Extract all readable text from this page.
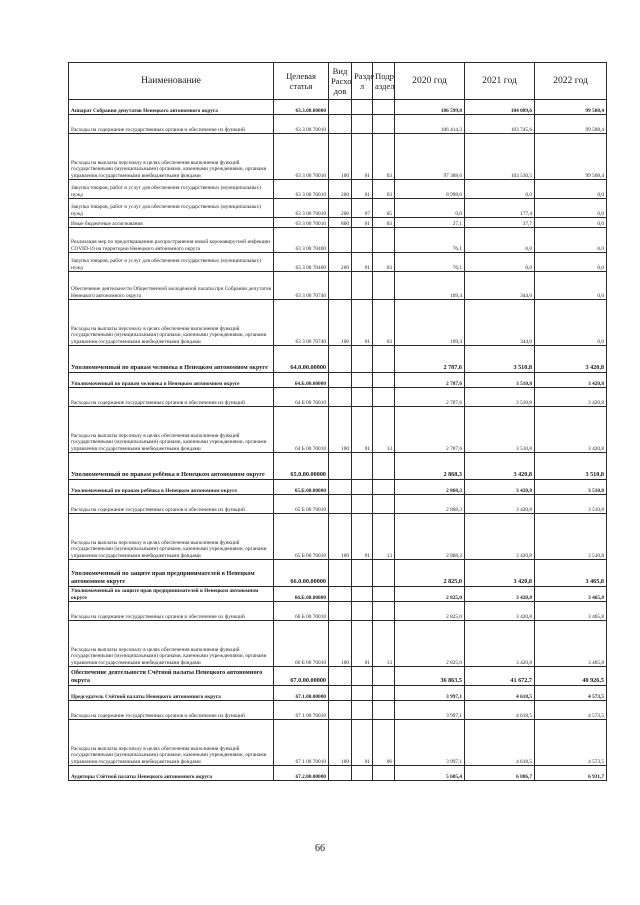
Наименование	Целевая статья	Вид Расхо дов	Разде л	Подр аздел	2020 год	2021 год	2022 год
Аппарат Собрания депутатов Ненецкого автономного округа	63.3.00.00000				106 599,8	104 089,6	99 508,4
Расходы на содержание государственных органов и обеспечение их функций	63 3 00 70010				106 414,3	103 745,6	99 508,4
Расходы на выплаты персоналу в целях обеспечения выполнения функций государственными (муниципальными) органами, казенными учреждениями, органами управления государственными внебюджетными фондами	63 3 00 70010	100	01	03	97 388,6	103 530,5	99 508,4
Закупка товаров, работ и услуг для обеспечения государственных (муниципальных) нужд	63 3 00 70010	200	01	03	8 998,6	0,0	0,0
Закупка товаров, работ и услуг для обеспечения государственных (муниципальных) нужд	63 3 00 70010	200	07	05	0,0	177,4	0,0
Иные бюджетные ассигнования	63 3 00 70010	800	01	03	27,1	37,7	0,0
Реализация мер по предотвращению распространения новой коронавирусной инфекции COVID-19 на территории Ненецкого автономного округа	63 3 00 70400				76,1	0,0	0,0
Закупка товаров, работ и услуг для обеспечения государственных (муниципальных) нужд	63 3 00 70400	200	01	03	76,1	0,0	0,0
Обеспечение деятельности Общественной молодёжной палаты при Собрании депутатов Ненецкого автономного округа	63 3 00 70740				109,4	344,0	0,0
Расходы на выплаты персоналу в целях обеспечения выполнения функций государственными (муниципальными) органами, казенными учреждениями, органами управления государственными внебюджетными фондами	63 3 00 70740	100	01	03	109,4	344,0	0,0
Уполномоченный по правам человека в Ненецком автономном округе	64.0.00.00000				2 787,6	3 510,8	3 420,8
Уполномоченный по правам человека в Ненецком автономном округе	64.Б.00.00000				2 787,6	3 510,8	3 420,8
Расходы на содержание государственных органов и обеспечение их функций	64 Б 00 70010				2 787,6	3 510,8	3 420,8
Расходы на выплаты персоналу в целях обеспечения выполнения функций государственными (муниципальными) органами, казенными учреждениями, органами управления государственными внебюджетными фондами	64 Б 00 70010	100	01	13	2 787,6	3 510,8	3 420,8
Уполномоченный по правам ребёнка в Ненецком автономном округе	65.0.00.00000				2 868,3	3 420,8	3 510,8
Уполномоченный по правам ребёнка в Ненецком автономном округе	65.Б.00.00000				2 868,3	3 420,8	3 510,8
Расходы на содержание государственных органов и обеспечение их функций	65 Б 00 70010				2 868,3	3 420,8	3 510,8
Расходы на выплаты персоналу в целях обеспечения выполнения функций государственными (муниципальными) органами, казенными учреждениями, органами управления государственными внебюджетными фондами	65 Б 00 70010	100	01	13	2 868,3	3 420,8	3 510,8
Уполномоченный по защите прав предпринимателей в Ненецком автономном округе	66.0.00.00000				2 825,0	3 420,8	3 465,8
Уполномоченный по защите прав предпринимателей в Ненецком автономном округе	66.Б.00.00000				2 825,0	3 420,8	3 465,8
Расходы на содержание государственных органов и обеспечение их функций	66 Б 00 70010				2 825,0	3 420,8	3 465,8
Расходы на выплаты персоналу в целях обеспечения выполнения функций государственными (муниципальными) органами, казенными учреждениями, органами управления государственными внебюджетными фондами	66 Б 00 70010	100	01	13	2 825,0	3 420,8	3 465,8
Обеспечение деятельности Счётной палаты Ненецкого автономного округа	67.0.00.00000				36 863,5	41 672,7	40 926,5
Председатель Счётной палаты Ненецкого автономного округа	67.1.00.00000				3 997,1	4 618,5	4 573,5
Расходы на содержание государственных органов и обеспечение их функций	67 1 00 70010				3 997,1	4 618,5	4 573,5
Расходы на выплаты персоналу в целях обеспечения выполнения функций государственными (муниципальными) органами, казенными учреждениями, органами управления государственными внебюджетными фондами	67 1 00 70010	100	01	06	3 997,1	4 618,5	4 573,5
Аудиторы Счётной палаты Ненецкого автономного округа	67.2.00.00000				5 605,4	6 886,7	6 931,7
66
